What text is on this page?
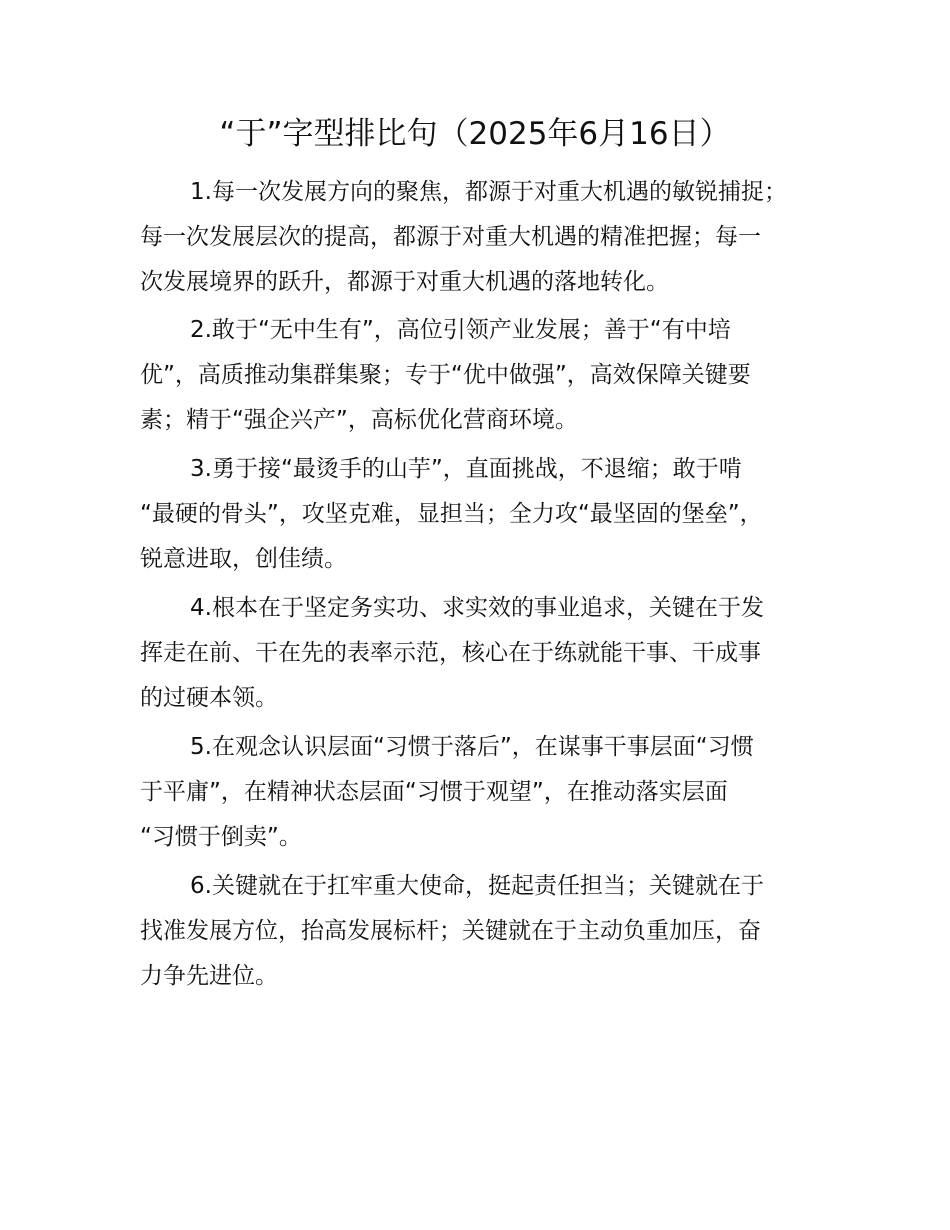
“于”字型排比句（2025年6月16日）
1.每一次发展方向的聚焦，都源于对重大机遇的敏锐捕捉；
每一次发展层次的提高，都源于对重大机遇的精准把握；每一
次发展境界的跃升，都源于对重大机遇的落地转化。
2.敢于“无中生有”，高位引领产业发展；善于“有中培
优”，高质推动集群集聚；专于“优中做强”，高效保障关键要
素；精于“强企兴产”，高标优化营商环境。
3.勇于接“最烫手的山芋”，直面挑战，不退缩；敢于啃
“最硬的骨头”，攻坚克难，显担当；全力攻“最坚固的堡垒”，
锐意进取，创佳绩。
4.根本在于坚定务实功、求实效的事业追求，关键在于发
挥走在前、干在先的表率示范，核心在于练就能干事、干成事
的过硬本领。
5.在观念认识层面“习惯于落后”，在谋事干事层面“习惯
于平庸”，在精神状态层面“习惯于观望”，在推动落实层面
“习惯于倒卖”。
6.关键就在于扛牢重大使命，挺起责任担当；关键就在于
找准发展方位，抬高发展标杆；关键就在于主动负重加压，奋
力争先进位。
